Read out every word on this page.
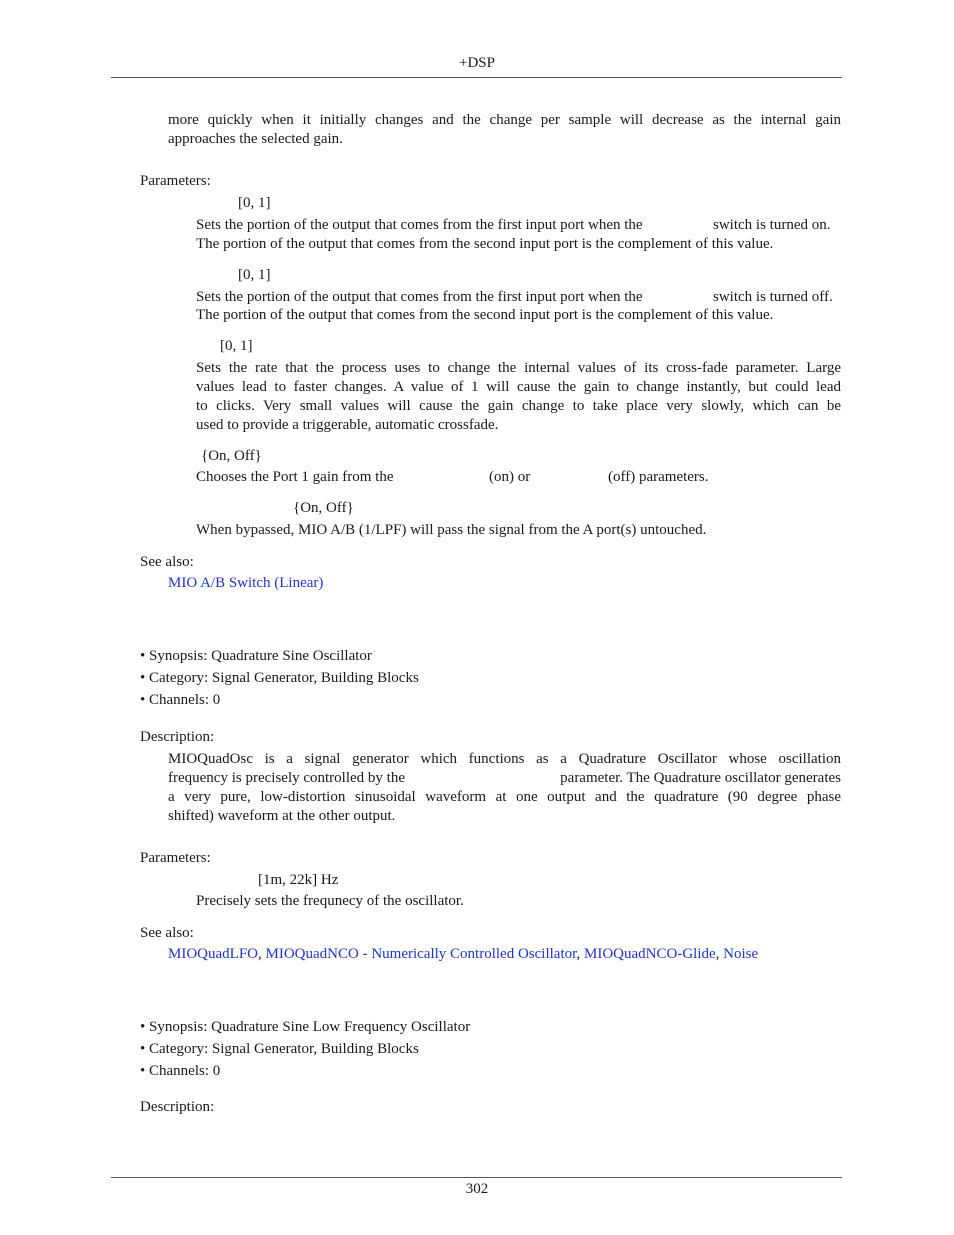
+DSP
more quickly when it initially changes and the change per sample will decrease as the internal gain
approaches the selected gain.
Parameters:
[0, 1]
Sets the portion of the output that comes from the first input port when the	switch is turned on.
The portion of the output that comes from the second input port is the complement of this value.
[0, 1]
Sets the portion of the output that comes from the first input port when the	switch is turned off.
The portion of the output that comes from the second input port is the complement of this value.
[0, 1]
Sets the rate that the process uses to change the internal values of its cross-fade parameter. Large
values lead to faster changes. A value of 1 will cause the gain to change instantly, but could lead
to clicks. Very small values will cause the gain change to take place very slowly, which can be
used to provide a triggerable, automatic crossfade.
{On, Off}
Chooses the Port 1 gain from the	(on) or	(off) parameters.
{On, Off}
When bypassed, MIO A/B (1/LPF) will pass the signal from the A port(s) untouched.
See also:
MIO A/B Switch (Linear)
• Synopsis: Quadrature Sine Oscillator
• Category: Signal Generator, Building Blocks
• Channels: 0
Description:
MIOQuadOsc is a signal generator which functions as a Quadrature Oscillator whose oscillation
frequency is precisely controlled by the	parameter. The Quadrature oscillator generates
a very pure, low-distortion sinusoidal waveform at one output and the quadrature (90 degree phase
shifted) waveform at the other output.
Parameters:
[1m, 22k] Hz
Precisely sets the frequnecy of the oscillator.
See also:
MIOQuadLFO, MIOQuadNCO - Numerically Controlled Oscillator, MIOQuadNCO-Glide, Noise
• Synopsis: Quadrature Sine Low Frequency Oscillator
• Category: Signal Generator, Building Blocks
• Channels: 0
Description:
302
